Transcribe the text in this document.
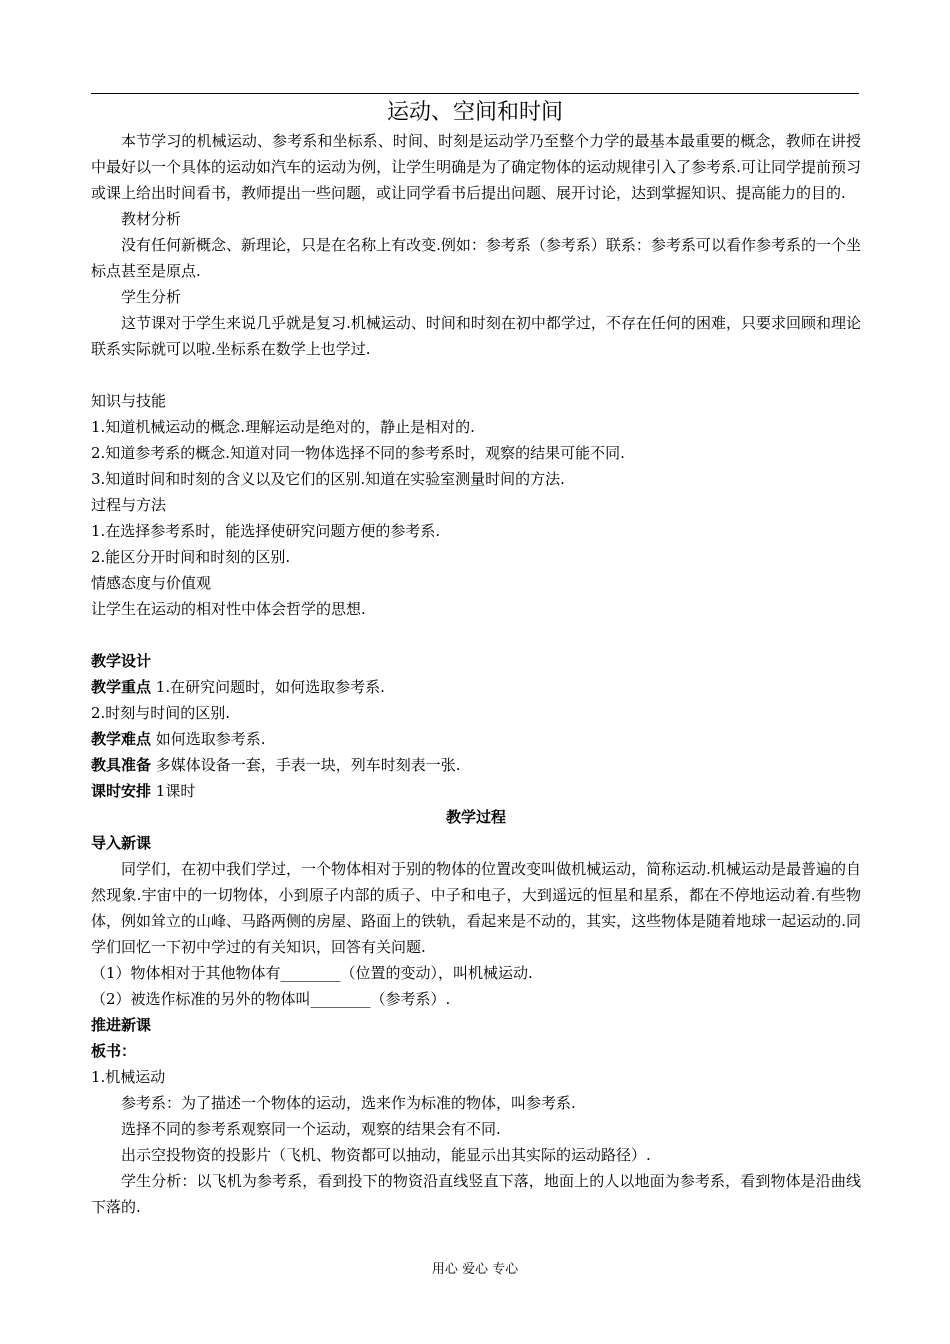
运动、空间和时间

本节学习的机械运动、参考系和坐标系、时间、时刻是运动学乃至整个力学的最基本最重要的概念，教师在讲授中最好以一个具体的运动如汽车的运动为例，让学生明确是为了确定物体的运动规律引入了参考系.可让同学提前预习或课上给出时间看书，教师提出一些问题，或让同学看书后提出问题、展开讨论，达到掌握知识、提高能力的目的.

教材分析

没有任何新概念、新理论，只是在名称上有改变.例如：参考系（参考系）联系：参考系可以看作参考系的一个坐标点甚至是原点.

学生分析

这节课对于学生来说几乎就是复习.机械运动、时间和时刻在初中都学过，不存在任何的困难，只要求回顾和理论联系实际就可以啦.坐标系在数学上也学过.

知识与技能

1.知道机械运动的概念.理解运动是绝对的，静止是相对的.

2.知道参考系的概念.知道对同一物体选择不同的参考系时，观察的结果可能不同.

3.知道时间和时刻的含义以及它们的区别.知道在实验室测量时间的方法.

过程与方法

1.在选择参考系时，能选择使研究问题方便的参考系.

2.能区分开时间和时刻的区别.

情感态度与价值观

让学生在运动的相对性中体会哲学的思想.

教学设计

教学重点 1.在研究问题时，如何选取参考系.

2.时刻与时间的区别.

教学难点 如何选取参考系.

教具准备 多媒体设备一套，手表一块，列车时刻表一张.

课时安排 1课时

教学过程

导入新课

同学们，在初中我们学过，一个物体相对于别的物体的位置改变叫做机械运动，简称运动.机械运动是最普遍的自然现象.宇宙中的一切物体，小到原子内部的质子、中子和电子，大到遥远的恒星和星系，都在不停地运动着.有些物体，例如耸立的山峰、马路两侧的房屋、路面上的铁轨，看起来是不动的，其实，这些物体是随着地球一起运动的.同学们回忆一下初中学过的有关知识，回答有关问题.

（1）物体相对于其他物体有________（位置的变动），叫机械运动.

（2）被选作标准的另外的物体叫________（参考系）.

推进新课

板书：

1.机械运动

参考系：为了描述一个物体的运动，选来作为标准的物体，叫参考系.

选择不同的参考系观察同一个运动，观察的结果会有不同.

出示空投物资的投影片（飞机、物资都可以抽动，能显示出其实际的运动路径）.

学生分析：以飞机为参考系，看到投下的物资沿直线竖直下落，地面上的人以地面为参考系，看到物体是沿曲线下落的.

用心 爱心 专心
